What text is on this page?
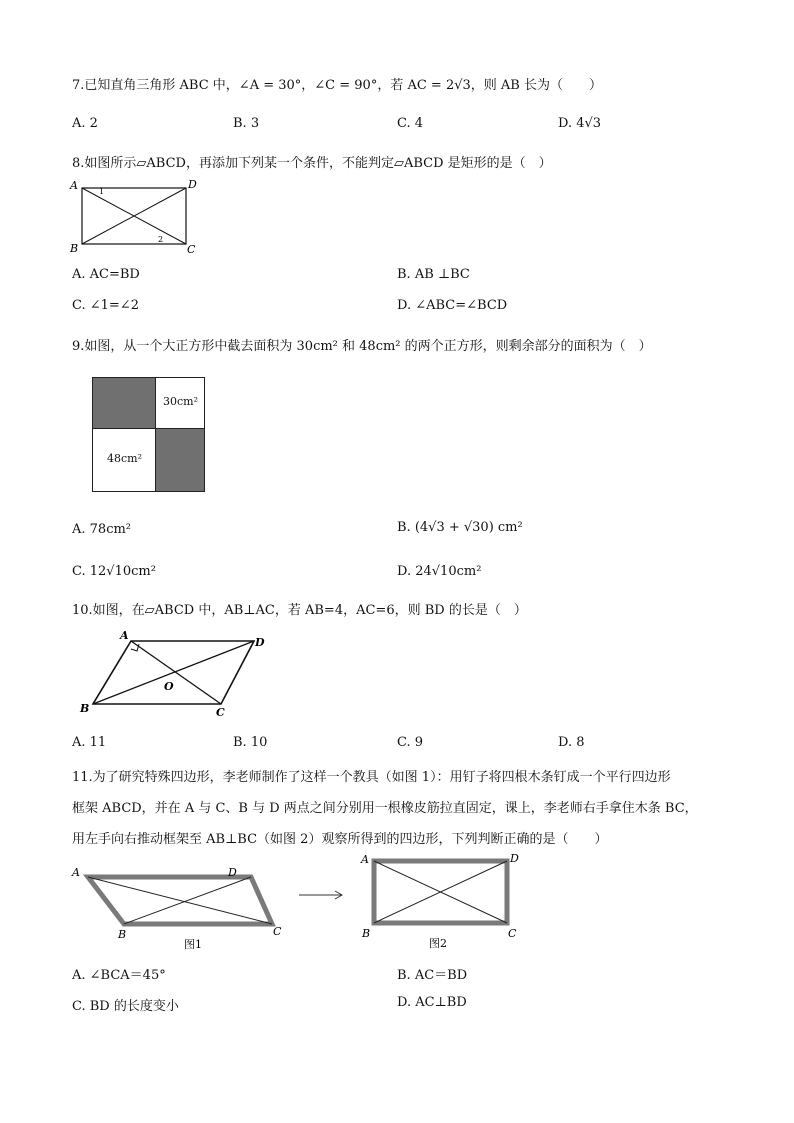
7.已知直角三角形 ABC 中，∠A = 30°，∠C = 90°，若 AC = 2√3，则 AB 长为（　　）
A. 2	B. 3	C. 4	D. 4√3
8.如图所示▱ABCD，再添加下列某一个条件，不能判定▱ABCD 是矩形的是（　）
A	D
B	C
1
2
A. AC=BD	B. AB ⊥BC
C. ∠1=∠2	D. ∠ABC=∠BCD
9.如图，从一个大正方形中截去面积为 30cm² 和 48cm² 的两个正方形，则剩余部分的面积为（　）
30cm²
48cm²
A. 78cm²	B. (4√3 + √30) cm²
C. 12√10cm²	D. 24√10cm²
10.如图，在▱ABCD 中，AB⊥AC，若 AB=4，AC=6，则 BD 的长是（　）
A
D
B	C
O
A. 11	B. 10	C. 9	D. 8
11.为了研究特殊四边形，李老师制作了这样一个教具（如图 1）：用钉子将四根木条钉成一个平行四边形
框架 ABCD，并在 A 与 C、B 与 D 两点之间分别用一根橡皮筋拉直固定，课上，李老师右手拿住木条 BC，
用左手向右推动框架至 AB⊥BC（如图 2）观察所得到的四边形，下列判断正确的是（　　）
A	D
B	C
图1
A	D
B	C
图2
A. ∠BCA＝45°	B. AC＝BD
C. BD 的长度变小	D. AC⊥BD
